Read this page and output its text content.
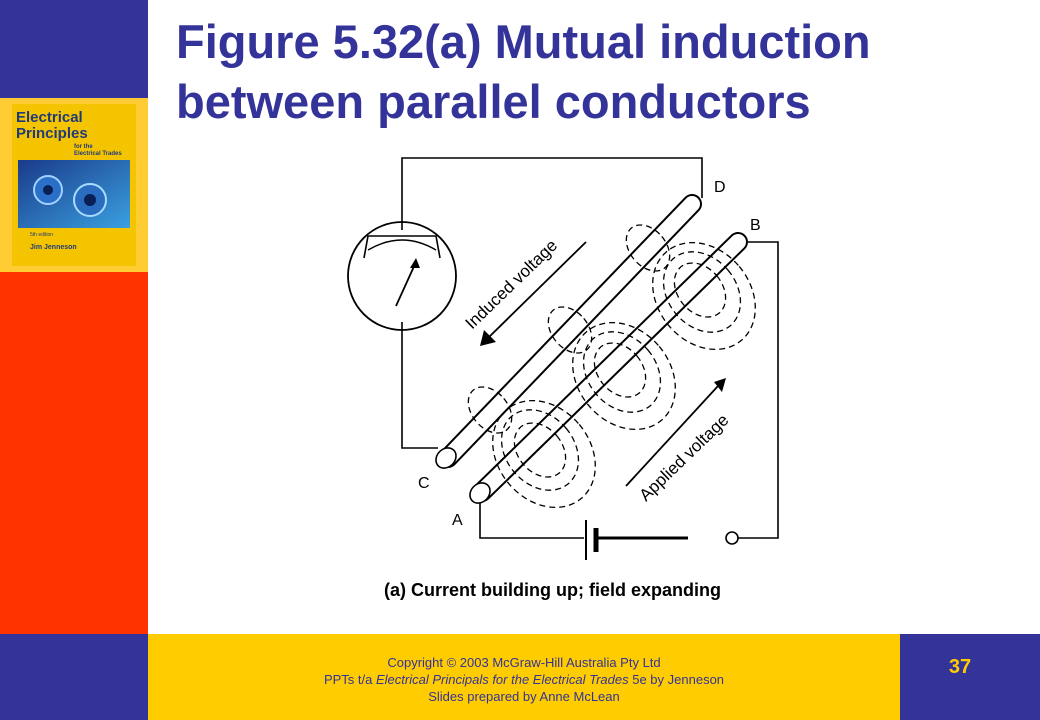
Electrical
Principles
for the
Electrical Trades
5th edition
Jim Jenneson
Figure 5.32(a) Mutual induction
between parallel conductors
Induced voltage
Applied voltage
D
B
C
A
(a) Current building up; field expanding
Copyright © 2003 McGraw-Hill Australia Pty Ltd
PPTs t/a Electrical Principals for the Electrical Trades 5e by Jenneson
Slides prepared by Anne McLean
37
